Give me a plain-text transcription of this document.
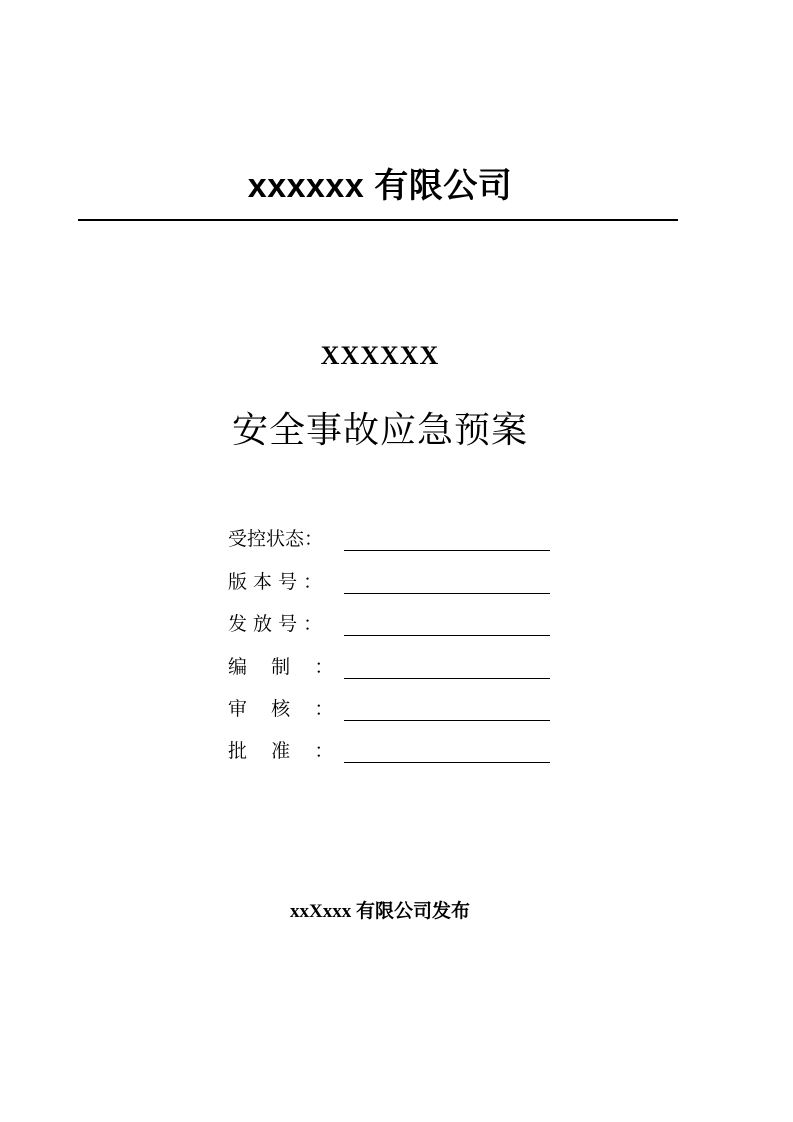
xxxxxx 有限公司
XXXXXX
安全事故应急预案
受控状态：
版 本 号 ：
发 放 号 ：
编    制    ：
审    核    ：
批    准    ：
xxXxxx 有限公司发布
